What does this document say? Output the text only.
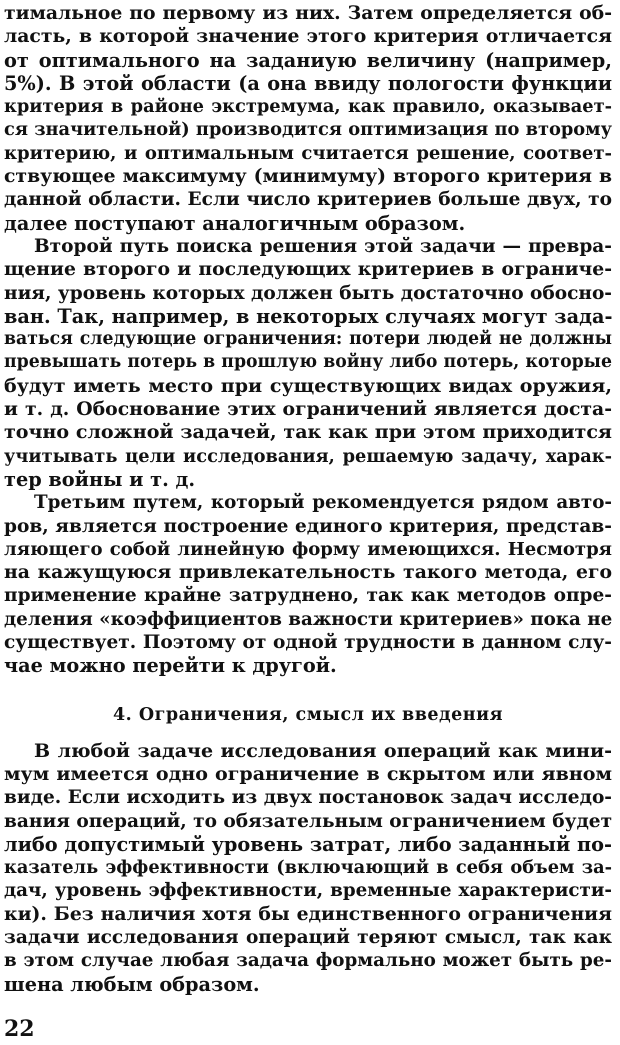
тимальное по первому из них. Затем определяется об-
ласть, в которой значение этого критерия отличается
от оптимального на заданиую величину (например,
5%). В этой области (а она ввиду пологости функции
критерия в районе экстремума, как правило, оказывает-
ся значительной) производится оптимизация по второму
критерию, и оптимальным считается решение, соответ-
ствующее максимуму (минимуму) второго критерия в
данной области. Если число критериев больше двух, то
далее поступают аналогичным образом.
Второй путь поиска решения этой задачи — превра-
щение второго и последующих критериев в ограниче-
ния, уровень которых должен быть достаточно обосно-
ван. Так, например, в некоторых случаях могут зада-
ваться следующие ограничения: потери людей не должны
превышать потерь в прошлую войну либо потерь, которые
будут иметь место при существующих видах оружия,
и т. д. Обоснование этих ограничений является доста-
точно сложной задачей, так как при этом приходится
учитывать цели исследования, решаемую задачу, харак-
тер войны и т. д.
Третьим путем, который рекомендуется рядом авто-
ров, является построение единого критерия, представ-
ляющего собой линейную форму имеющихся. Несмотря
на кажущуюся привлекательность такого метода, его
применение крайне затруднено, так как методов опре-
деления «коэффициентов важности критериев» пока не
существует. Поэтому от одной трудности в данном слу-
чае можно перейти к другой.
4. Ограничения, смысл их введения
В любой задаче исследования операций как мини-
мум имеется одно ограничение в скрытом или явном
виде. Если исходить из двух постановок задач исследо-
вания операций, то обязательным ограничением будет
либо допустимый уровень затрат, либо заданный по-
казатель эффективности (включающий в себя объем за-
дач, уровень эффективности, временные характеристи-
ки). Без наличия хотя бы единственного ограничения
задачи исследования операций теряют смысл, так как
в этом случае любая задача формально может быть ре-
шена любым образом.
22
